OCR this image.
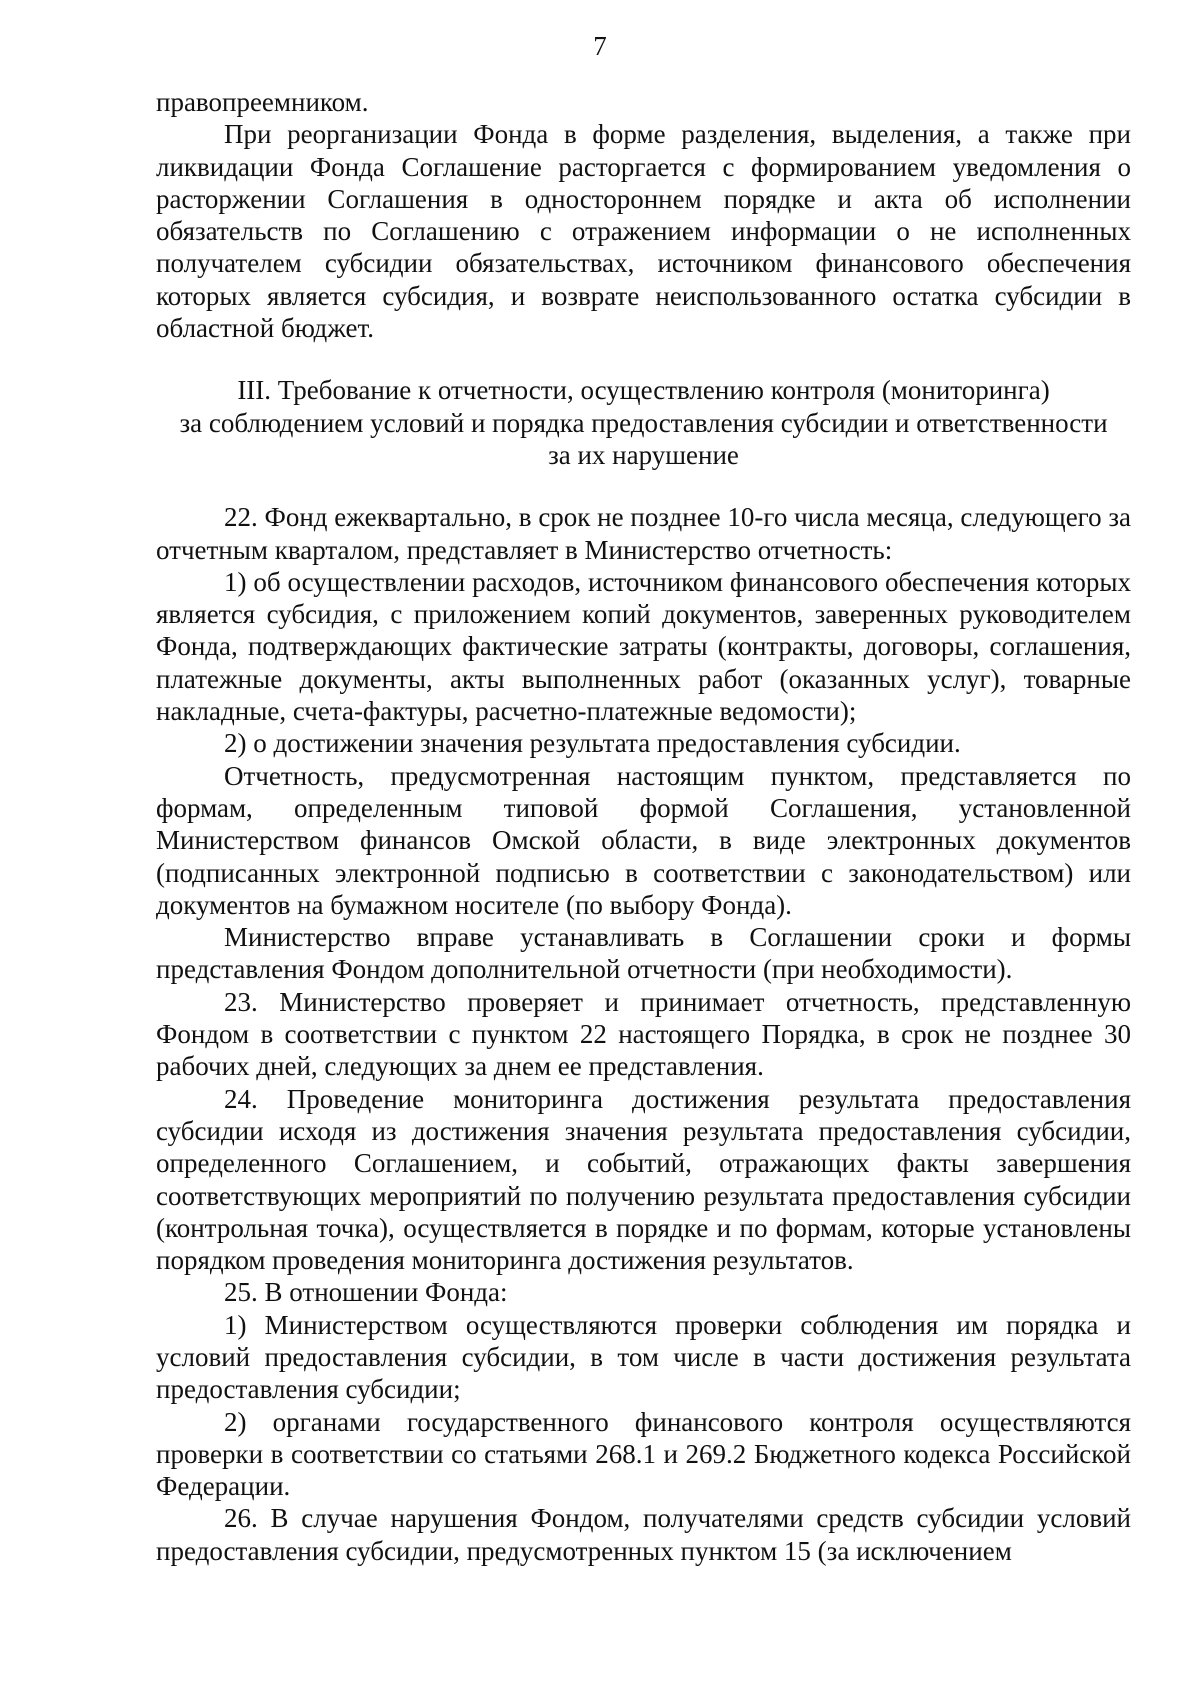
7

правопреемником.

При реорганизации Фонда в форме разделения, выделения, а также при ликвидации Фонда Соглашение расторгается с формированием уведомления о расторжении Соглашения в одностороннем порядке и акта об исполнении обязательств по Соглашению с отражением информации о не исполненных получателем субсидии обязательствах, источником финансового обеспечения которых является субсидия, и возврате неиспользованного остатка субсидии в областной бюджет.

III. Требование к отчетности, осуществлению контроля (мониторинга)
за соблюдением условий и порядка предоставления субсидии и ответственности
за их нарушение

22. Фонд ежеквартально, в срок не позднее 10-го числа месяца, следующего за отчетным кварталом, представляет в Министерство отчетность:

1) об осуществлении расходов, источником финансового обеспечения которых является субсидия, с приложением копий документов, заверенных руководителем Фонда, подтверждающих фактические затраты (контракты, договоры, соглашения, платежные документы, акты выполненных работ (оказанных услуг), товарные накладные, счета-фактуры, расчетно-платежные ведомости);

2) о достижении значения результата предоставления субсидии.

Отчетность, предусмотренная настоящим пунктом, представляется по формам, определенным типовой формой Соглашения, установленной Министерством финансов Омской области, в виде электронных документов (подписанных электронной подписью в соответствии с законодательством) или документов на бумажном носителе (по выбору Фонда).

Министерство вправе устанавливать в Соглашении сроки и формы представления Фондом дополнительной отчетности (при необходимости).

23. Министерство проверяет и принимает отчетность, представленную Фондом в соответствии с пунктом 22 настоящего Порядка, в срок не позднее 30 рабочих дней, следующих за днем ее представления.

24. Проведение мониторинга достижения результата предоставления субсидии исходя из достижения значения результата предоставления субсидии, определенного Соглашением, и событий, отражающих факты завершения соответствующих мероприятий по получению результата предоставления субсидии (контрольная точка), осуществляется в порядке и по формам, которые установлены порядком проведения мониторинга достижения результатов.

25. В отношении Фонда:

1) Министерством осуществляются проверки соблюдения им порядка и условий предоставления субсидии, в том числе в части достижения результата предоставления субсидии;

2) органами государственного финансового контроля осуществляются проверки в соответствии со статьями 268.1 и 269.2 Бюджетного кодекса Российской Федерации.

26. В случае нарушения Фондом, получателями средств субсидии условий предоставления субсидии, предусмотренных пунктом 15 (за исключением
